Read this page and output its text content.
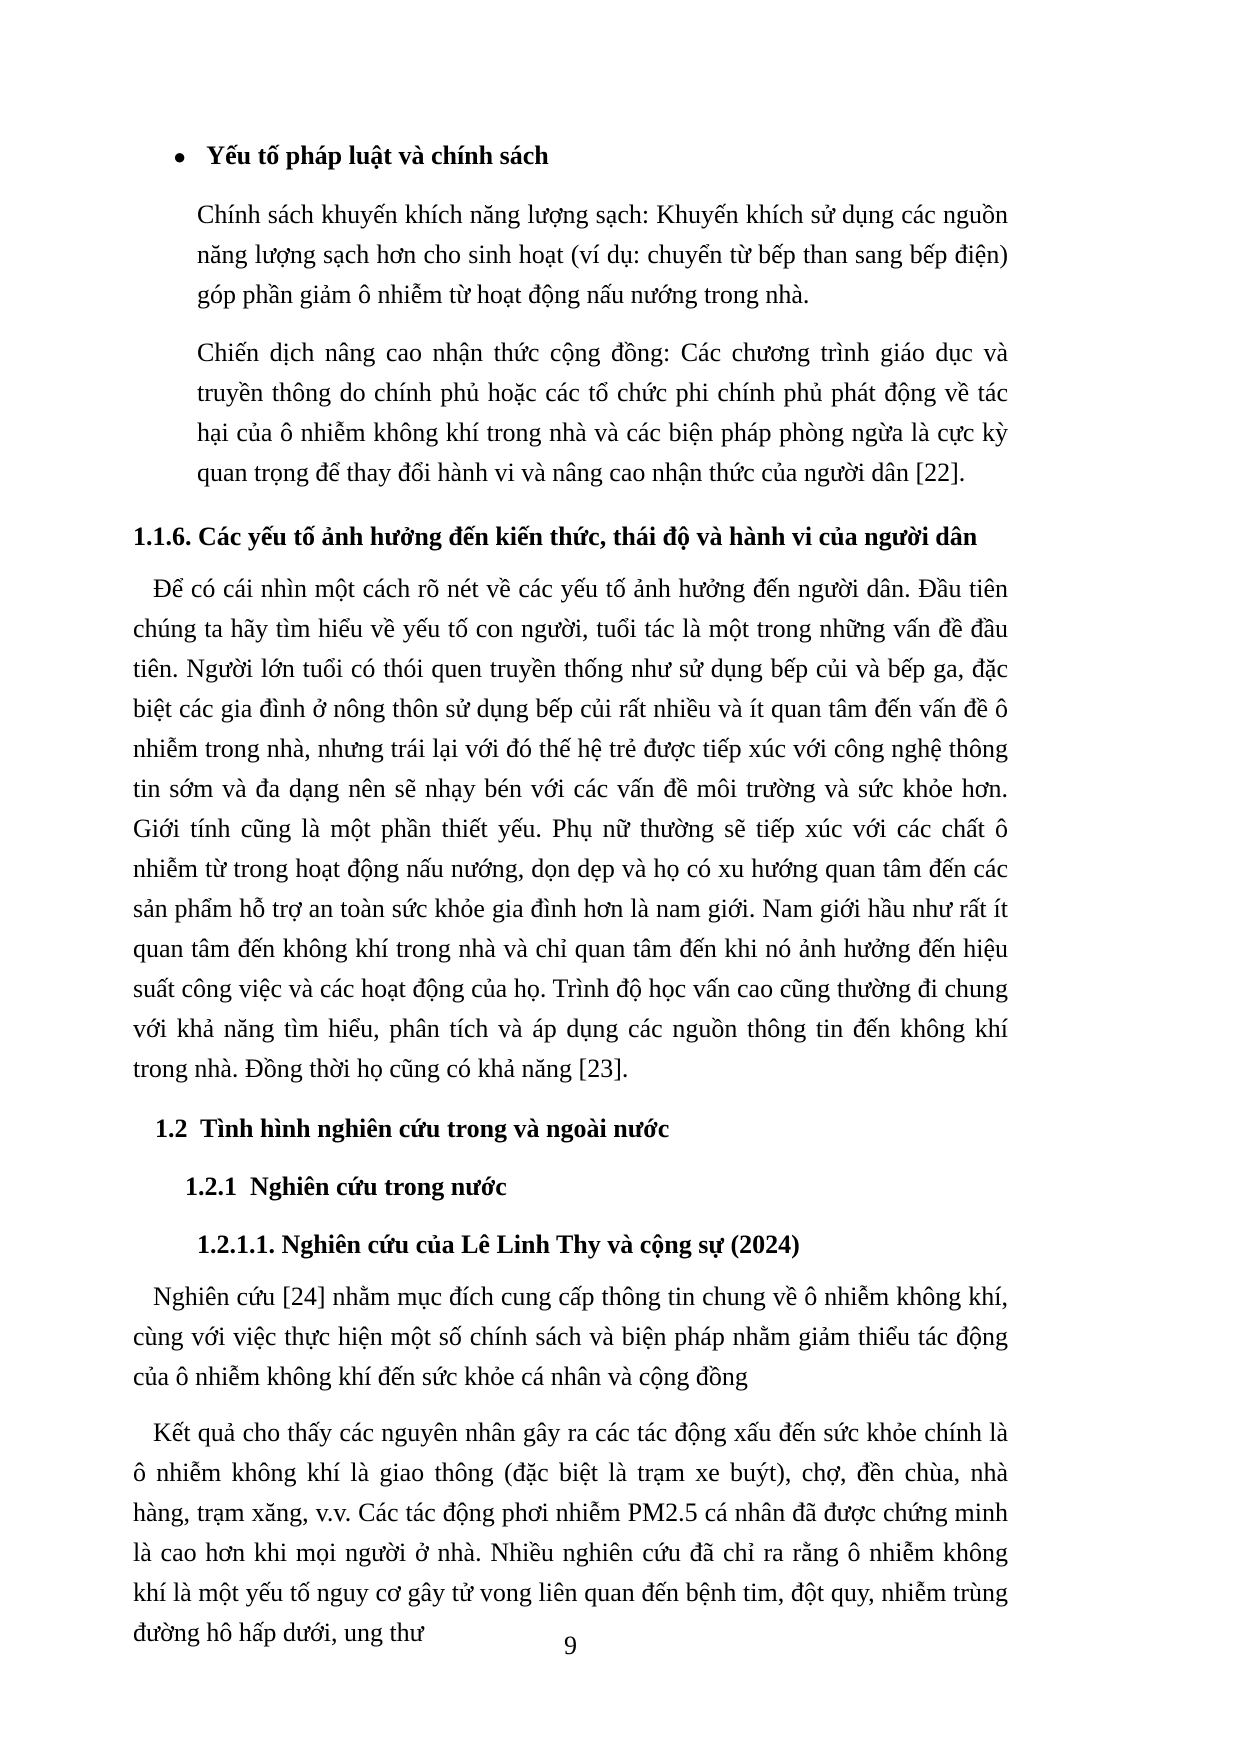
● Yếu tố pháp luật và chính sách

Chính sách khuyến khích năng lượng sạch: Khuyến khích sử dụng các nguồn năng lượng sạch hơn cho sinh hoạt (ví dụ: chuyển từ bếp than sang bếp điện) góp phần giảm ô nhiễm từ hoạt động nấu nướng trong nhà.

Chiến dịch nâng cao nhận thức cộng đồng: Các chương trình giáo dục và truyền thông do chính phủ hoặc các tổ chức phi chính phủ phát động về tác hại của ô nhiễm không khí trong nhà và các biện pháp phòng ngừa là cực kỳ quan trọng để thay đổi hành vi và nâng cao nhận thức của người dân [22].

1.1.6. Các yếu tố ảnh hưởng đến kiến thức, thái độ và hành vi của người dân

Để có cái nhìn một cách rõ nét về các yếu tố ảnh hưởng đến người dân. Đầu tiên chúng ta hãy tìm hiểu về yếu tố con người, tuổi tác là một trong những vấn đề đầu tiên. Người lớn tuổi có thói quen truyền thống như sử dụng bếp củi và bếp ga, đặc biệt các gia đình ở nông thôn sử dụng bếp củi rất nhiều và ít quan tâm đến vấn đề ô nhiễm trong nhà, nhưng trái lại với đó thế hệ trẻ được tiếp xúc với công nghệ thông tin sớm và đa dạng nên sẽ nhạy bén với các vấn đề môi trường và sức khỏe hơn. Giới tính cũng là một phần thiết yếu. Phụ nữ thường sẽ tiếp xúc với các chất ô nhiễm từ trong hoạt động nấu nướng, dọn dẹp và họ có xu hướng quan tâm đến các sản phẩm hỗ trợ an toàn sức khỏe gia đình hơn là nam giới. Nam giới hầu như rất ít quan tâm đến không khí trong nhà và chỉ quan tâm đến khi nó ảnh hưởng đến hiệu suất công việc và các hoạt động của họ. Trình độ học vấn cao cũng thường đi chung với khả năng tìm hiểu, phân tích và áp dụng các nguồn thông tin đến không khí trong nhà. Đồng thời họ cũng có khả năng [23].

1.2  Tình hình nghiên cứu trong và ngoài nước
1.2.1  Nghiên cứu trong nước
1.2.1.1. Nghiên cứu của Lê Linh Thy và cộng sự (2024)

Nghiên cứu [24] nhằm mục đích cung cấp thông tin chung về ô nhiễm không khí, cùng với việc thực hiện một số chính sách và biện pháp nhằm giảm thiểu tác động của ô nhiễm không khí đến sức khỏe cá nhân và cộng đồng

Kết quả cho thấy các nguyên nhân gây ra các tác động xấu đến sức khỏe chính là ô nhiễm không khí là giao thông (đặc biệt là trạm xe buýt), chợ, đền chùa, nhà hàng, trạm xăng, v.v. Các tác động phơi nhiễm PM2.5 cá nhân đã được chứng minh là cao hơn khi mọi người ở nhà. Nhiều nghiên cứu đã chỉ ra rằng ô nhiễm không khí là một yếu tố nguy cơ gây tử vong liên quan đến bệnh tim, đột quy, nhiễm trùng đường hô hấp dưới, ung thư	9
